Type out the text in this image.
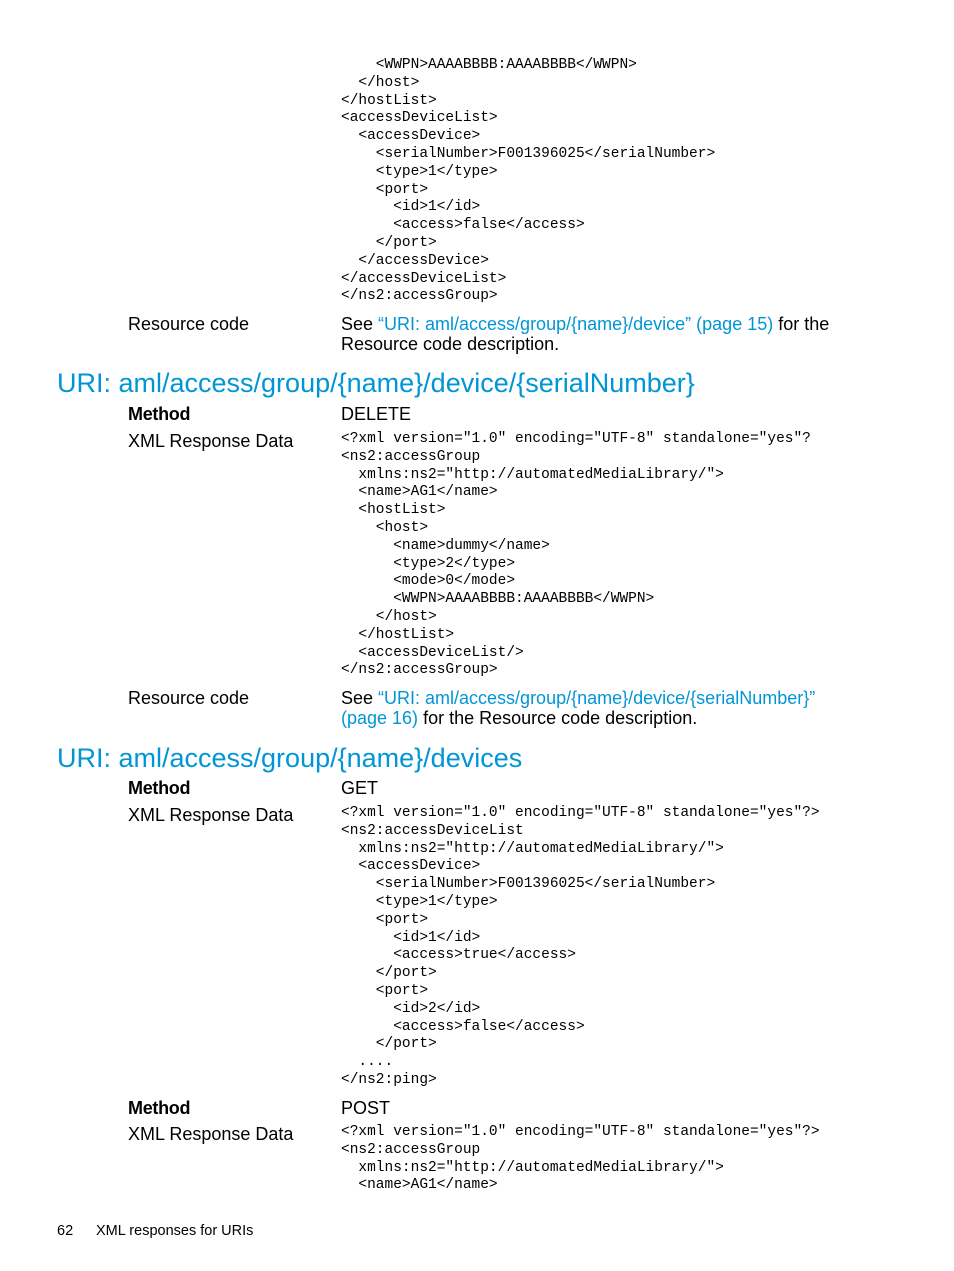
<WWPN>AAAABBBB:AAAABBBB</WWPN>
</host>
</hostList>
<accessDeviceList>
<accessDevice>
<serialNumber>F001396025</serialNumber>
<type>1</type>
<port>
<id>1</id>
<access>false</access>
</port>
</accessDevice>
</accessDeviceList>
</ns2:accessGroup>
Resource code	See “URI: aml/access/group/{name}/device” (page 15) for the Resource code description.
URI: aml/access/group/{name}/device/{serialNumber}
Method	DELETE
XML Response Data	<?xml version="1.0" encoding="UTF-8" standalone="yes"?
<ns2:accessGroup
xmlns:ns2="http://automatedMediaLibrary/">
<name>AG1</name>
<hostList>
<host>
<name>dummy</name>
<type>2</type>
<mode>0</mode>
<WWPN>AAAABBBB:AAAABBBB</WWPN>
</host>
</hostList>
<accessDeviceList/>
</ns2:accessGroup>
Resource code	See “URI: aml/access/group/{name}/device/{serialNumber}” (page 16) for the Resource code description.
URI: aml/access/group/{name}/devices
Method	GET
XML Response Data	<?xml version="1.0" encoding="UTF-8" standalone="yes"?>
<ns2:accessDeviceList
xmlns:ns2="http://automatedMediaLibrary/">
<accessDevice>
<serialNumber>F001396025</serialNumber>
<type>1</type>
<port>
<id>1</id>
<access>true</access>
</port>
<port>
<id>2</id>
<access>false</access>
</port>
....
</ns2:ping>
Method	POST
XML Response Data	<?xml version="1.0" encoding="UTF-8" standalone="yes"?>
<ns2:accessGroup
xmlns:ns2="http://automatedMediaLibrary/">
<name>AG1</name>
62 XML responses for URIs
